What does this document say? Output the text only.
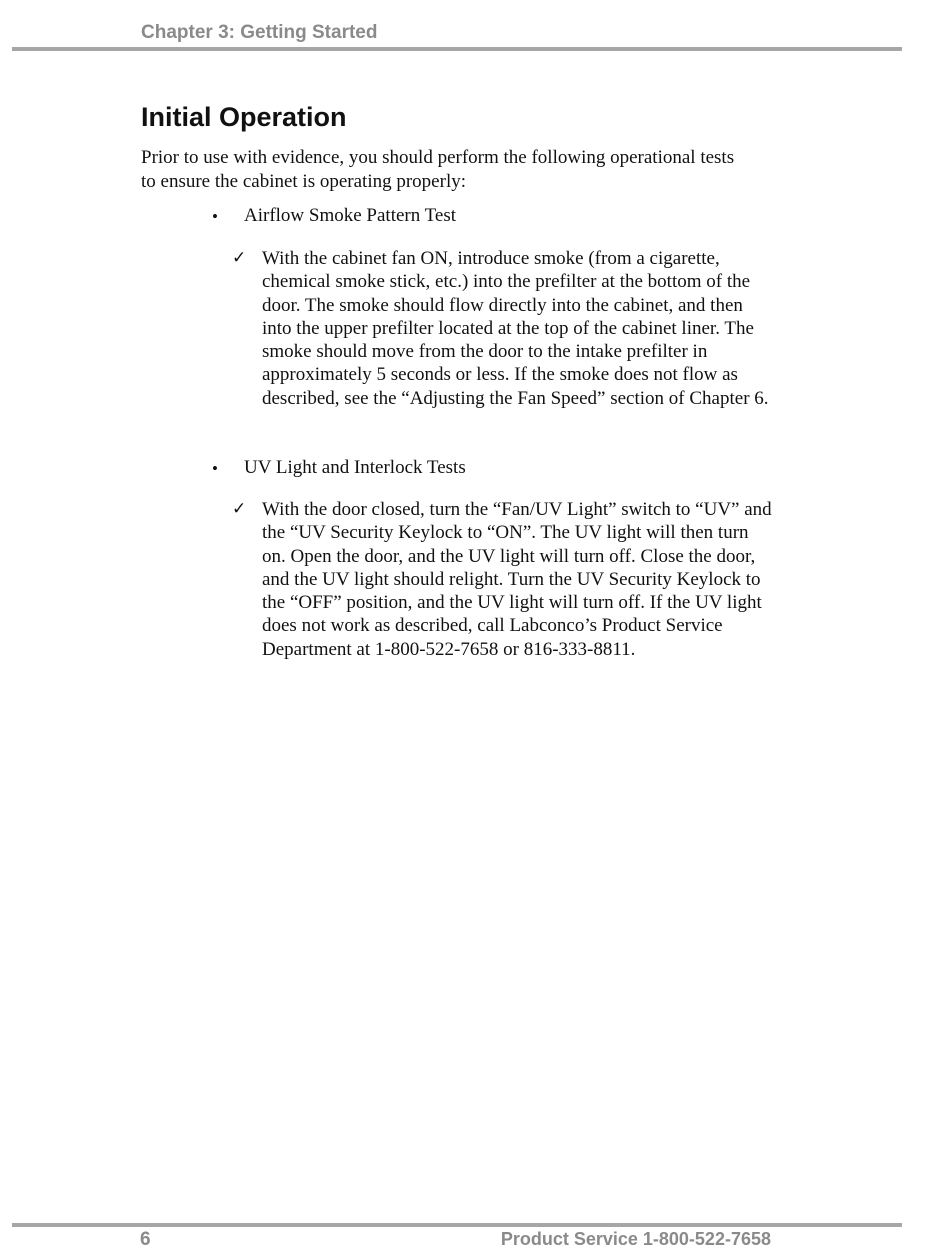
Chapter 3: Getting Started
Initial Operation

Prior to use with evidence, you should perform the following operational tests to ensure the cabinet is operating properly:

• Airflow Smoke Pattern Test
✓ With the cabinet fan ON, introduce smoke (from a cigarette, chemical smoke stick, etc.) into the prefilter at the bottom of the door. The smoke should flow directly into the cabinet, and then into the upper prefilter located at the top of the cabinet liner. The smoke should move from the door to the intake prefilter in approximately 5 seconds or less. If the smoke does not flow as described, see the “Adjusting the Fan Speed” section of Chapter 6.

• UV Light and Interlock Tests
✓ With the door closed, turn the “Fan/UV Light” switch to “UV” and the “UV Security Keylock to “ON”. The UV light will then turn on. Open the door, and the UV light will turn off. Close the door, and the UV light should relight. Turn the UV Security Keylock to the “OFF” position, and the UV light will turn off. If the UV light does not work as described, call Labconco’s Product Service Department at 1-800-522-7658 or 816-333-8811.

6	Product Service 1-800-522-7658
